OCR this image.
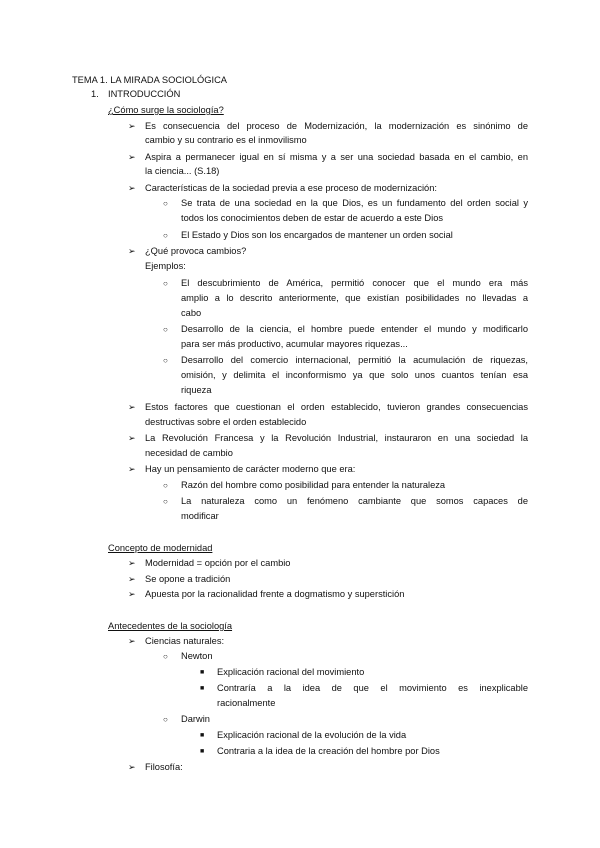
TEMA 1. LA MIRADA SOCIOLÓGICA
1. INTRODUCCIÓN
¿Cómo surge la sociología?
➢ Es consecuencia del proceso de Modernización, la modernización es sinónimo de
cambio y su contrario es el inmovilismo
➢ Aspira a permanecer igual en sí misma y a ser una sociedad basada en el cambio, en
la ciencia... (S.18)
➢ Características de la sociedad previa a ese proceso de modernización:
○ Se trata de una sociedad en la que Dios, es un fundamento del orden social y
todos los conocimientos deben de estar de acuerdo a este Dios
○ El Estado y Dios son los encargados de mantener un orden social
➢ ¿Qué provoca cambios?
Ejemplos:
○ El descubrimiento de América, permitió conocer que el mundo era más
amplio a lo descrito anteriormente, que existían posibilidades no llevadas a
cabo
○ Desarrollo de la ciencia, el hombre puede entender el mundo y modificarlo
para ser más productivo, acumular mayores riquezas...
○ Desarrollo del comercio internacional, permitió la acumulación de riquezas,
omisión, y delimita el inconformismo ya que solo unos cuantos tenían esa
riqueza
➢ Estos factores que cuestionan el orden establecido, tuvieron grandes consecuencias
destructivas sobre el orden establecido
➢ La Revolución Francesa y la Revolución Industrial, instauraron en una sociedad la
necesidad de cambio
➢ Hay un pensamiento de carácter moderno que era:
○ Razón del hombre como posibilidad para entender la naturaleza
○ La naturaleza como un fenómeno cambiante que somos capaces de
modificar
Concepto de modernidad
➢ Modernidad = opción por el cambio
➢ Se opone a tradición
➢ Apuesta por la racionalidad frente a dogmatismo y superstición
Antecedentes de la sociología
➢ Ciencias naturales:
○ Newton
■ Explicación racional del movimiento
■ Contraría a la idea de que el movimiento es inexplicable
racionalmente
○ Darwin
■ Explicación racional de la evolución de la vida
■ Contraria a la idea de la creación del hombre por Dios
➢ Filosofía:
